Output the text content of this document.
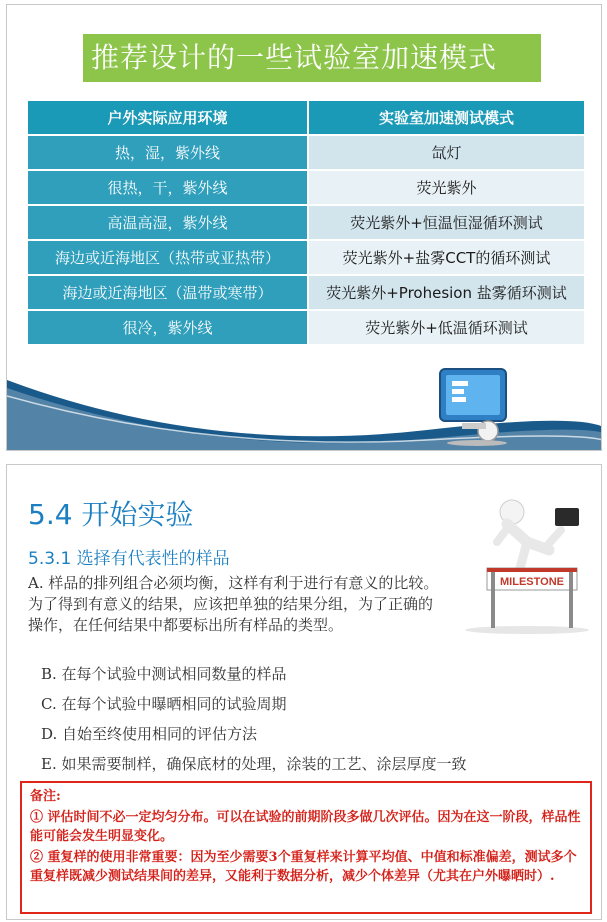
推荐设计的一些试验室加速模式
户外实际应用环境	实验室加速测试模式
热，湿，紫外线	氙灯
很热，干，紫外线	荧光紫外
高温高湿，紫外线	荧光紫外+恒温恒湿循环测试
海边或近海地区（热带或亚热带）	荧光紫外+盐雾CCT的循环测试
海边或近海地区（温带或寒带）	荧光紫外+Prohesion 盐雾循环测试
很冷，紫外线	荧光紫外+低温循环测试
5.4 开始实验
5.3.1 选择有代表性的样品
A. 样品的排列组合必须均衡，这样有利于进行有意义的比较。为了得到有意义的结果，应该把单独的结果分组，为了正确的操作，在任何结果中都要标出所有样品的类型。
B. 在每个试验中测试相同数量的样品
C. 在每个试验中曝晒相同的试验周期
D. 自始至终使用相同的评估方法
E. 如果需要制样，确保底材的处理，涂装的工艺、涂层厚度一致
MILESTONE
备注:
① 评估时间不必一定均匀分布。可以在试验的前期阶段多做几次评估。因为在这一阶段，样品性能可能会发生明显变化。
② 重复样的使用非常重要：因为至少需要3个重复样来计算平均值、中值和标准偏差，测试多个重复样既减少测试结果间的差异，又能利于数据分析，减少个体差异（尤其在户外曝晒时）.
